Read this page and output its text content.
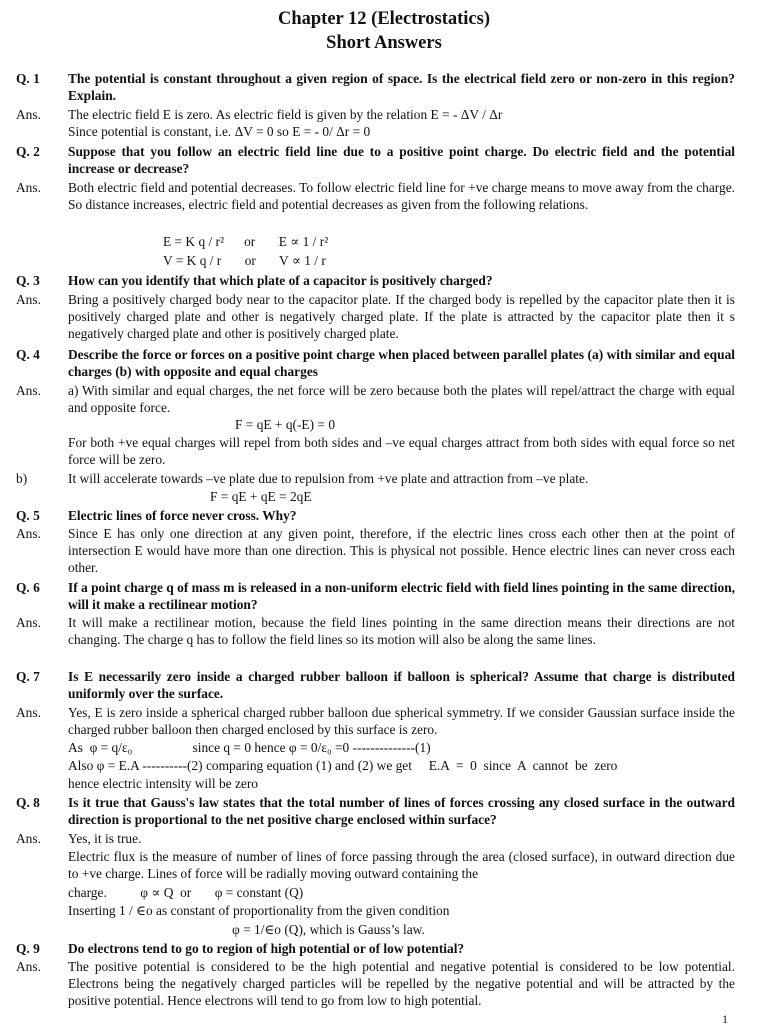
Chapter 12 (Electrostatics)
Short Answers
Q. 1	The potential is constant throughout a given region of space. Is the electrical field zero or non-zero in this region? Explain.
Ans.	The electric field E is zero. As electric field is given by the relation E = - ΔV / Δr
Since potential is constant, i.e. ΔV = 0 so E = - 0/ Δr = 0
Q. 2	Suppose that you follow an electric field line due to a positive point charge. Do electric field and the potential increase or decrease?
Ans.	Both electric field and potential decreases. To follow electric field line for +ve charge means to move away from the charge. So distance increases, electric field and potential decreases as given from the following relations.
E = K q / r²      or       E ∝ 1 / r²
V = K q / r       or       V ∝ 1 / r
Q. 3	How can you identify that which plate of a capacitor is positively charged?
Ans.	Bring a positively charged body near to the capacitor plate. If the charged body is repelled by the capacitor plate then it is positively charged plate and other is negatively charged plate. If the plate is attracted by the capacitor plate then it s negatively charged plate and other is positively charged plate.
Q. 4	Describe the force or forces on a positive point charge when placed between parallel plates (a) with similar and equal charges (b) with opposite and equal charges
Ans.	a) With similar and equal charges, the net force will be zero because both the plates will repel/attract the charge with equal and opposite force.
F = qE + q(-E) = 0
For both +ve equal charges will repel from both sides and –ve equal charges attract from both sides with equal force so net force will be zero.
b)	It will accelerate towards –ve plate due to repulsion from +ve plate and attraction from –ve plate.
F = qE + qE = 2qE
Q. 5	Electric lines of force never cross. Why?
Ans.	Since E has only one direction at any given point, therefore, if the electric lines cross each other then at the point of intersection E would have more than one direction. This is physical not possible. Hence electric lines can never cross each other.
Q. 6	If a point charge q of mass m is released in a non-uniform electric field with field lines pointing in the same direction, will it make a rectilinear motion?
Ans.	It will make a rectilinear motion, because the field lines pointing in the same direction means their directions are not changing. The charge q has to follow the field lines so its motion will also be along the same lines.
Q. 7	Is E necessarily zero inside a charged rubber balloon if balloon is spherical? Assume that charge is distributed uniformly over the surface.
Ans.	Yes, E is zero inside a spherical charged rubber balloon due spherical symmetry. If we consider Gaussian surface inside the charged rubber balloon then charged enclosed by this surface is zero.
As  φ = q/ε₀                  since q = 0 hence φ = 0/ε₀ =0 --------------(1)
Also φ = E.A ----------(2) comparing equation (1) and (2) we get     E.A  =  0  since  A  cannot  be  zero
hence electric intensity will be zero
Q. 8	Is it true that Gauss's law states that the total number of lines of forces crossing any closed surface in the outward direction is proportional to the net positive charge enclosed within surface?
Ans.	Yes, it is true.
Electric flux is the measure of number of lines of force passing through the area (closed surface), in outward direction due to +ve charge. Lines of force will be radially moving outward containing the
charge.          φ ∝ Q  or       φ = constant (Q)
Inserting 1 / ∈o as constant of proportionality from the given condition
φ = 1/∈o (Q), which is Gauss’s law.
Q. 9	Do electrons tend to go to region of high potential or of low potential?
Ans.	The positive potential is considered to be the high potential and negative potential is considered to be low potential. Electrons being the negatively charged particles will be repelled by the negative potential and will be attracted by the positive potential. Hence electrons will tend to go from low to high potential.
1
